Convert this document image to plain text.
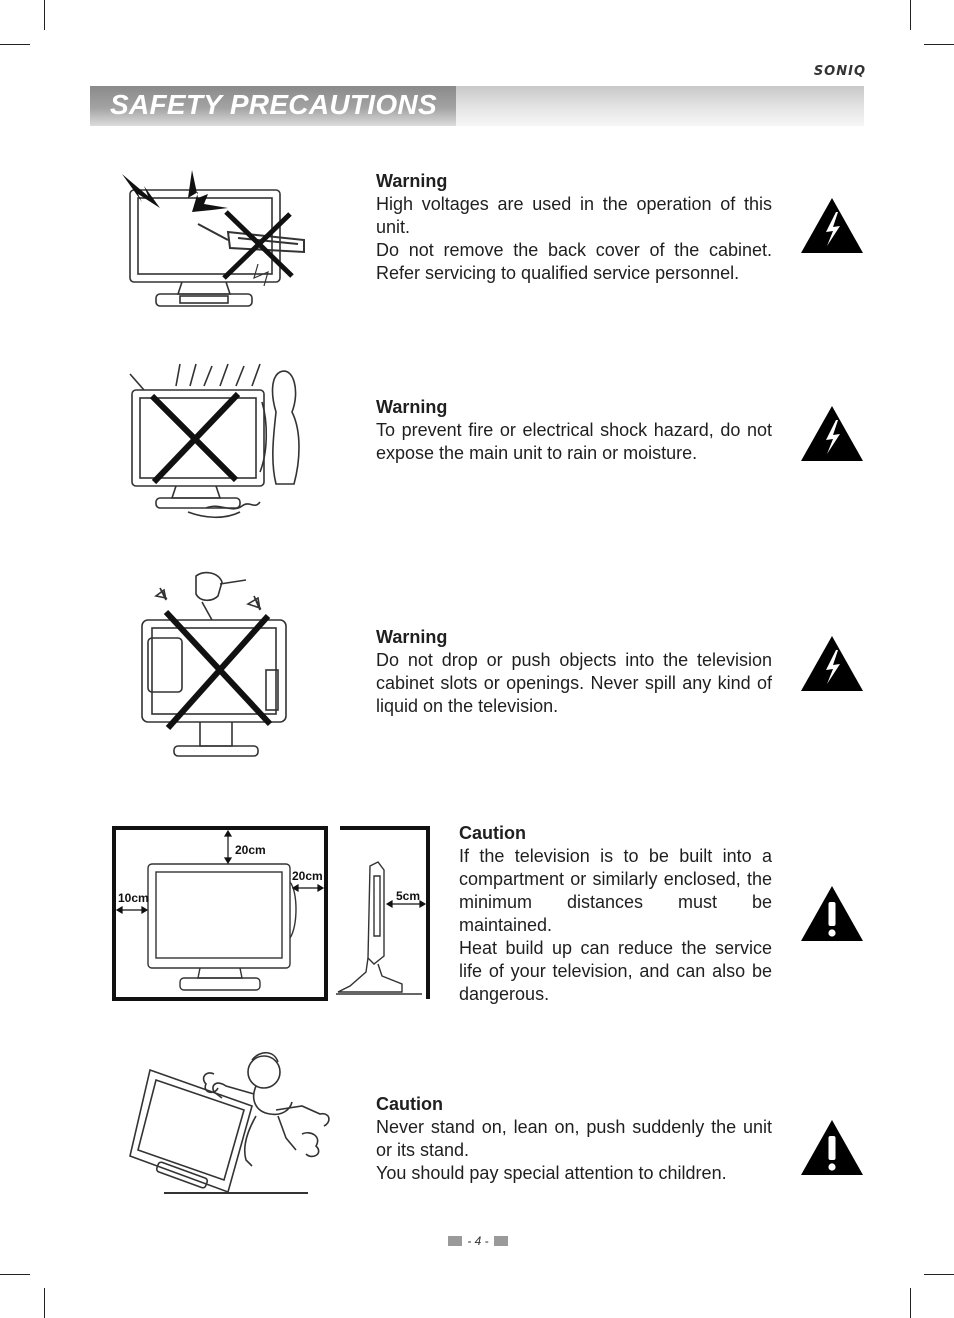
SONIQ
SAFETY PRECAUTIONS
Warning
High voltages are used in the operation of this unit.
Do not remove the back cover of the cabinet. Refer servicing to qualified service personnel.
Warning
To prevent fire or electrical shock hazard, do not expose the main unit to rain or moisture.
Warning
Do not drop or push objects into the television cabinet slots or openings. Never spill any kind of liquid on the television.
20cm
10cm
20cm
5cm
Caution
If the television is to be built into a compartment or similarly enclosed, the minimum distances must be maintained.
Heat build up can reduce the service life of your television, and can also be dangerous.
Caution
Never stand on, lean on, push suddenly the unit or its stand.
You should pay special attention to children.
- 4 -
